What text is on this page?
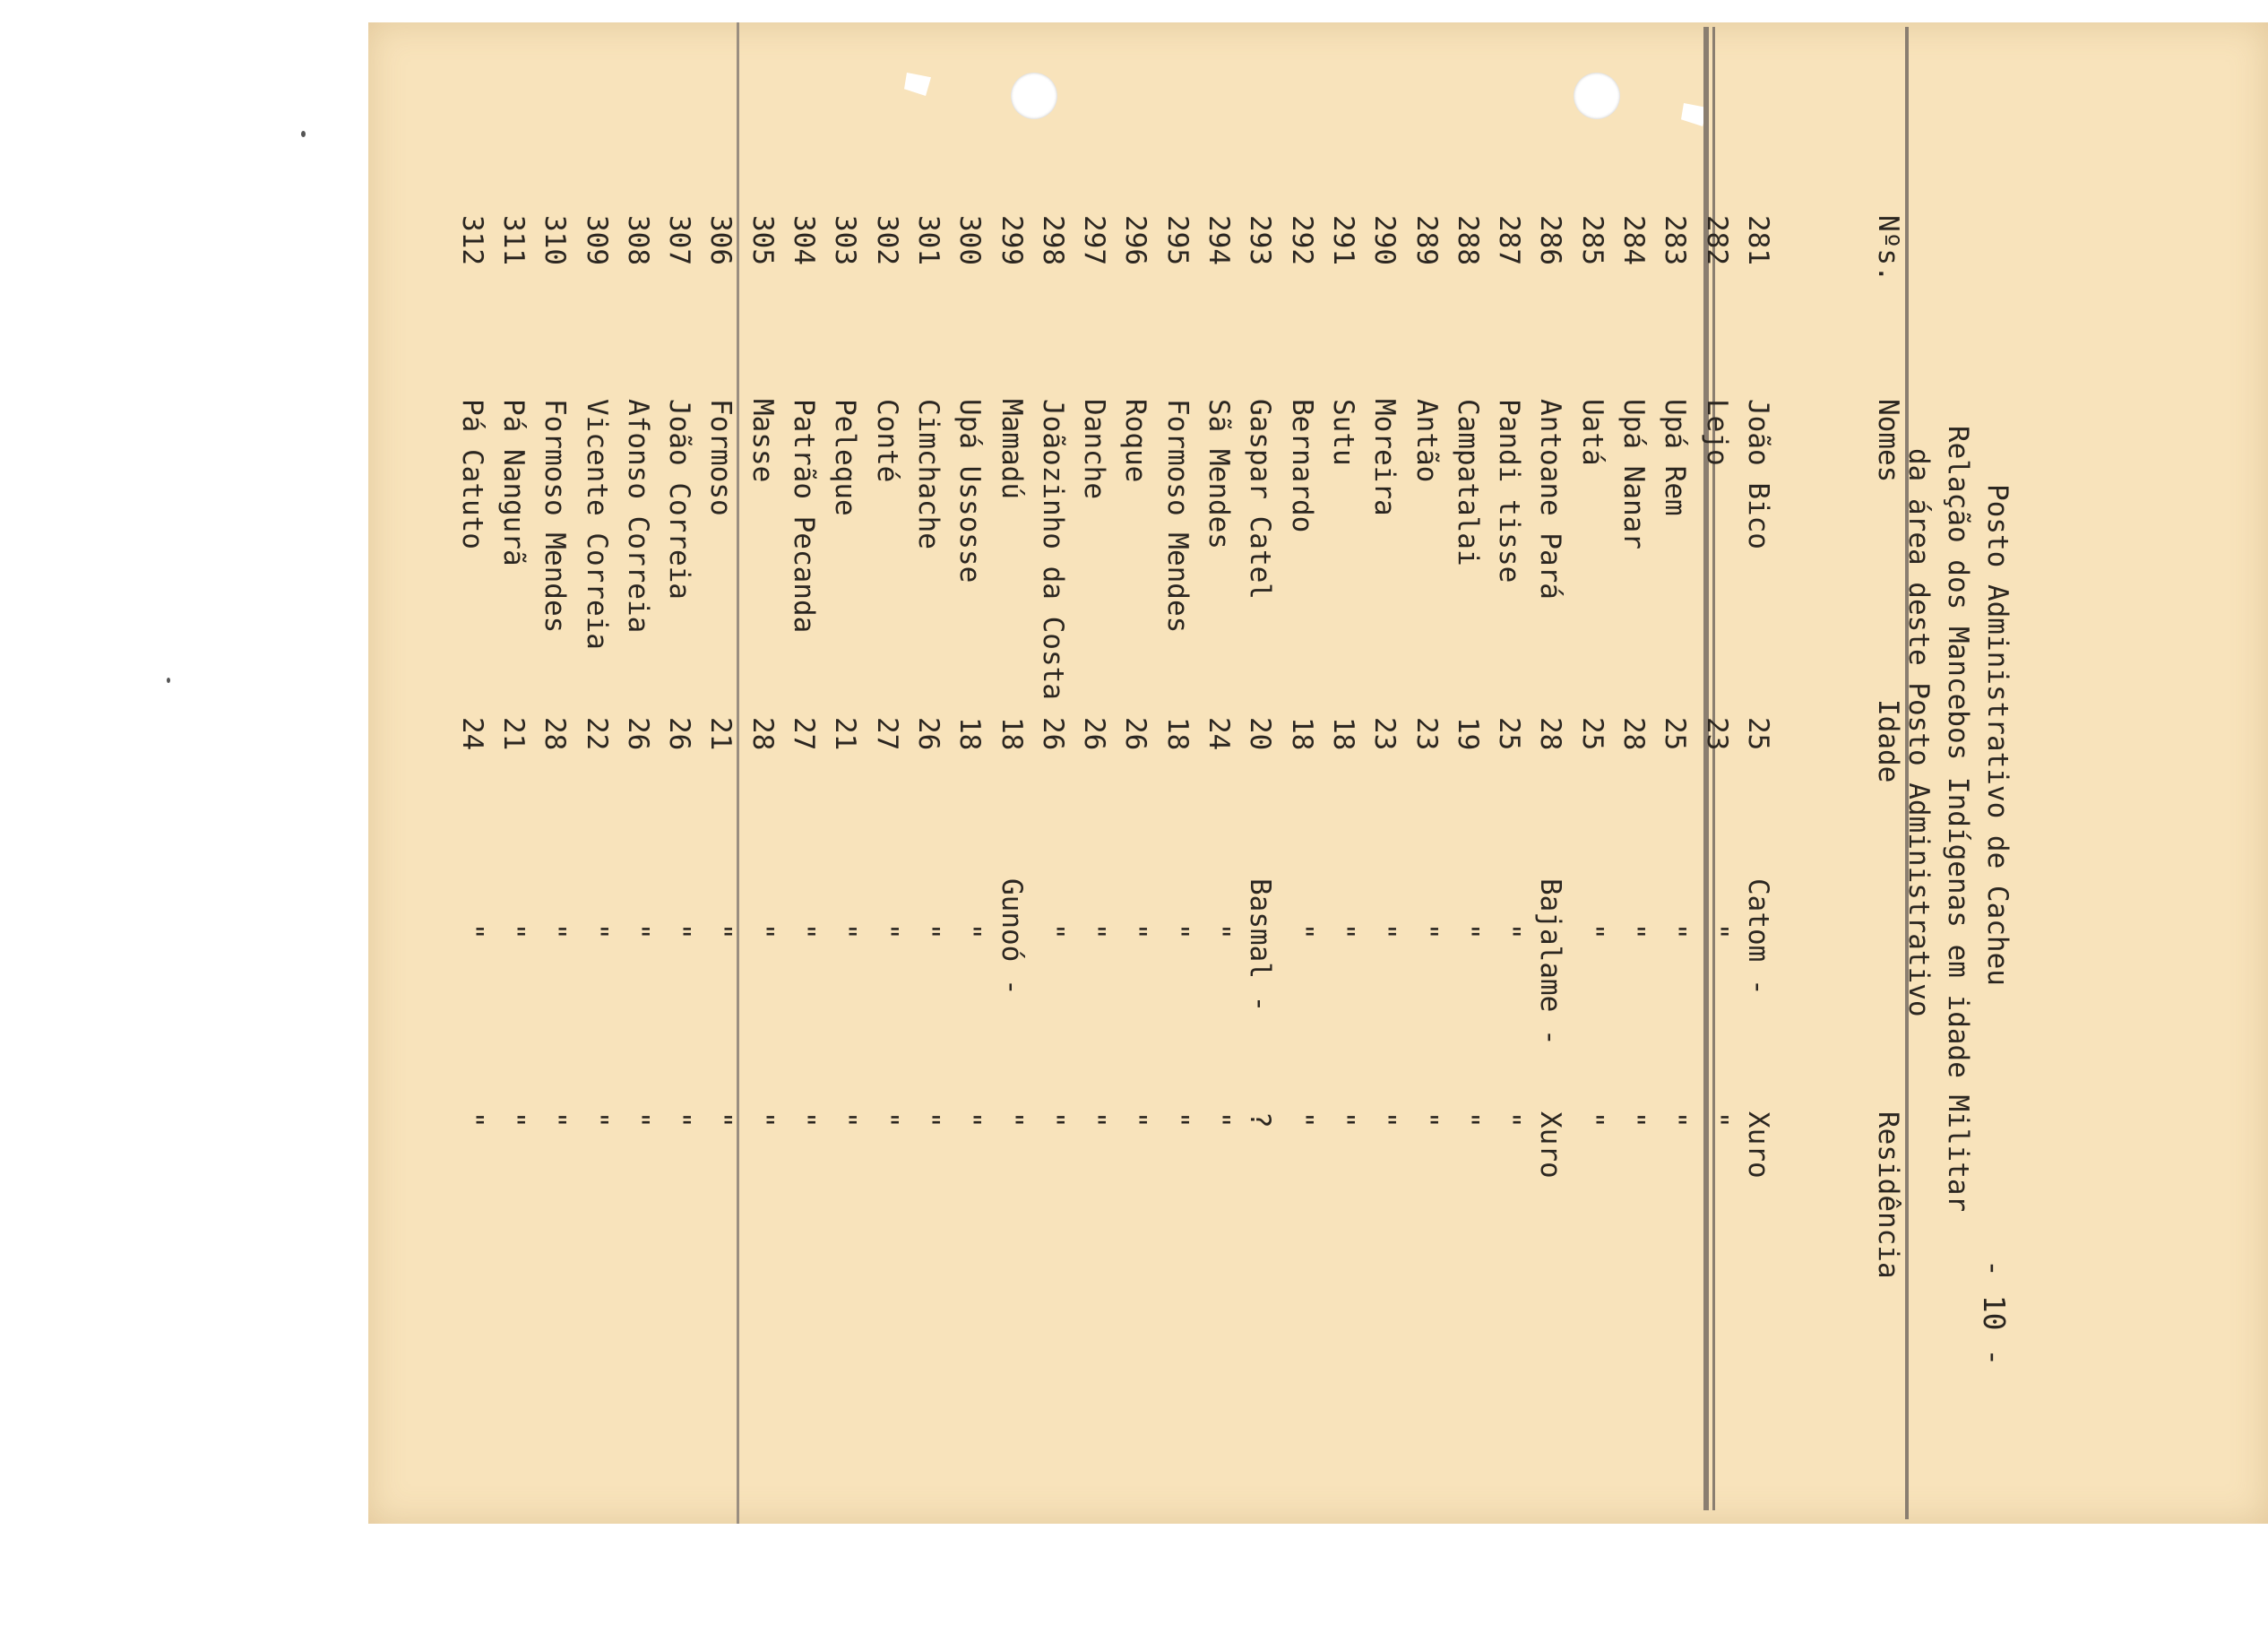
Posto Administrativo de Cacheu
Relação dos Mancebos Indígenas em idade Militar
da área deste Posto Administrativo
- 10 -
Nºs.
Nomes
Idade
Residência
281
João Bico
25
Catom -
Xuro
282
Lejo
23
"
"
283
Upá Rem
25
"
"
284
Upá Nanar
28
"
"
285
Uatá
25
"
"
286
Antoane Pará
28
Bajalame -
Xuro
287
Pandi tisse
25
"
"
288
Campatalai
19
"
"
289
Antão
23
"
"
290
Moreira
23
"
"
291
Sutu
18
"
"
292
Bernardo
18
"
"
293
Gaspar Catel
20
Basmal -
?
294
Sã Mendes
24
"
"
295
Formoso Mendes
18
"
"
296
Roque
26
"
"
297
Danche
26
"
"
298
Joãozinho da Costa
26
"
"
299
Mamadú
18
Gunoó -
"
300
Upá Ussosse
18
"
"
301
Cimchache
26
"
"
302
Conté
27
"
"
303
Peleque
21
"
"
304
Patrão Pecanda
27
"
"
305
Masse
28
"
"
306
Formoso
21
"
"
307
João Correia
26
"
"
308
Afonso Correia
26
"
"
309
Vicente Correia
22
"
"
310
Formoso Mendes
28
"
"
311
Pá Nangurã
21
"
"
312
Pá Catuto
24
"
"
